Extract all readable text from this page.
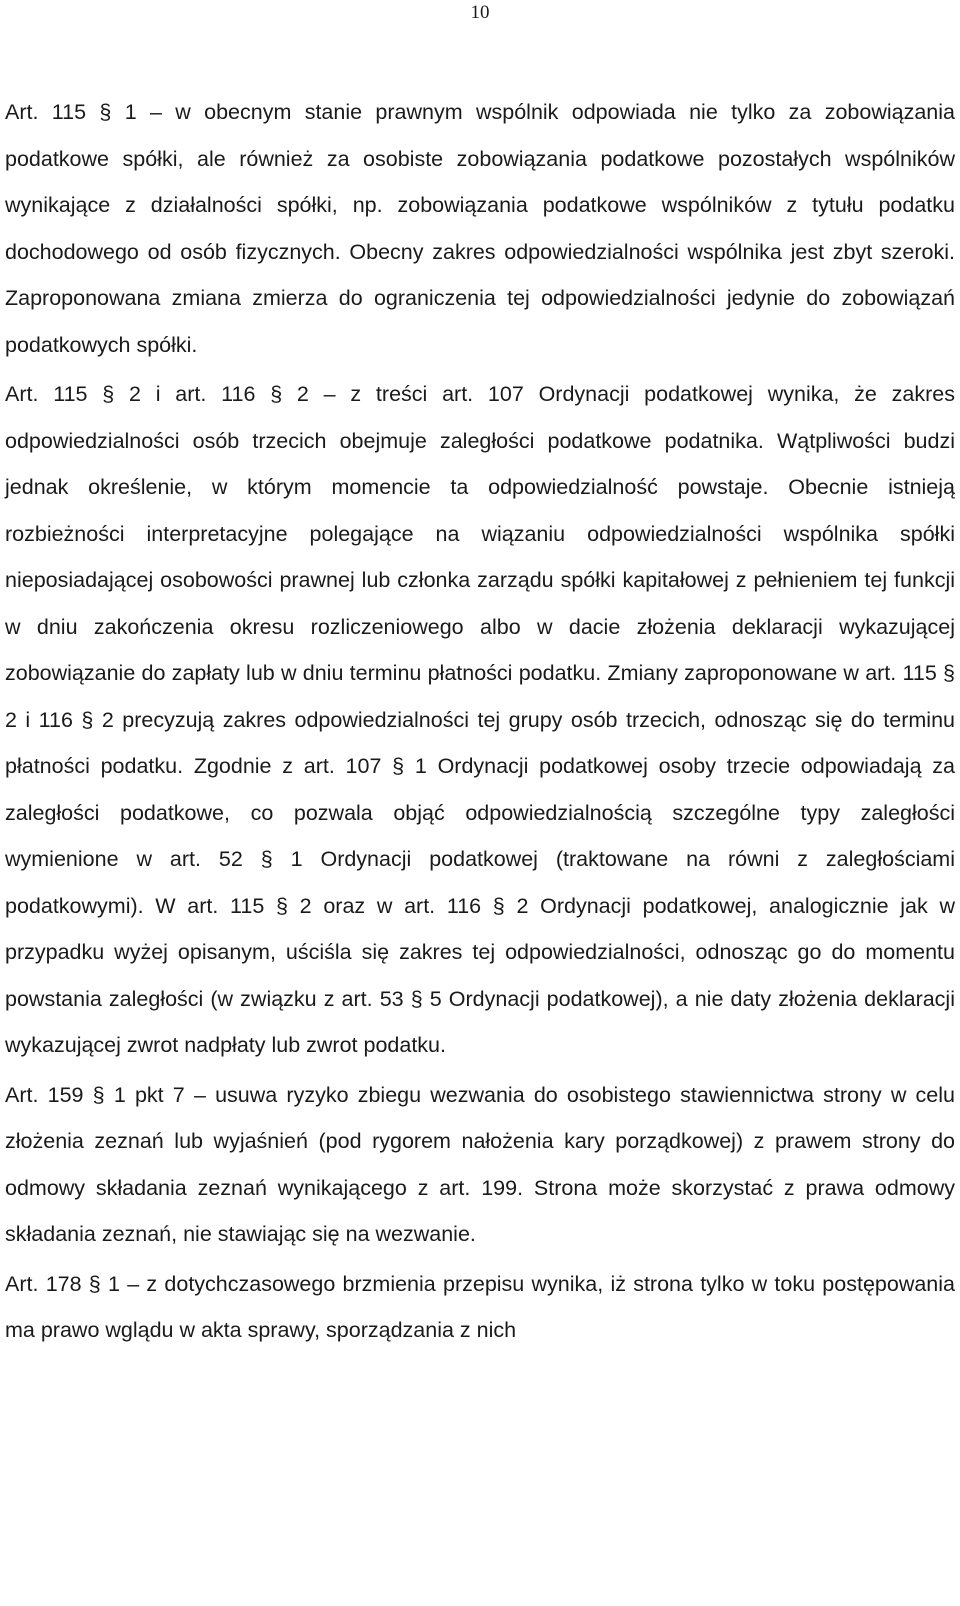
10

Art. 115 § 1 – w obecnym stanie prawnym wspólnik odpowiada nie tylko za zobowiązania podatkowe spółki, ale również za osobiste zobowiązania podatkowe pozostałych wspólników wynikające z działalności spółki, np. zobowiązania podatkowe wspólników z tytułu podatku dochodowego od osób fizycznych. Obecny zakres odpowiedzialności wspólnika jest zbyt szeroki. Zaproponowana zmiana zmierza do ograniczenia tej odpowiedzialności jedynie do zobowiązań podatkowych spółki.

Art. 115 § 2 i art. 116 § 2 – z treści art. 107 Ordynacji podatkowej wynika, że zakres odpowiedzialności osób trzecich obejmuje zaległości podatkowe podatnika. Wątpliwości budzi jednak określenie, w którym momencie ta odpowiedzialność powstaje. Obecnie istnieją rozbieżności interpretacyjne polegające na wiązaniu odpowiedzialności wspólnika spółki nieposiadającej osobowości prawnej lub członka zarządu spółki kapitałowej z pełnieniem tej funkcji w dniu zakończenia okresu rozliczeniowego albo w dacie złożenia deklaracji wykazującej zobowiązanie do zapłaty lub w dniu terminu płatności podatku. Zmiany zaproponowane w art. 115 § 2 i 116 § 2 precyzują zakres odpowiedzialności tej grupy osób trzecich, odnosząc się do terminu płatności podatku. Zgodnie z art. 107 § 1 Ordynacji podatkowej osoby trzecie odpowiadają za zaległości podatkowe, co pozwala objąć odpowiedzialnością szczególne typy zaległości wymienione w art. 52 § 1 Ordynacji podatkowej (traktowane na równi z zaległościami podatkowymi). W art. 115 § 2 oraz w art. 116 § 2 Ordynacji podatkowej, analogicznie jak w przypadku wyżej opisanym, uściśla się zakres tej odpowiedzialności, odnosząc go do momentu powstania zaległości (w związku z art. 53 § 5 Ordynacji podatkowej), a nie daty złożenia deklaracji wykazującej zwrot nadpłaty lub zwrot podatku.

Art. 159 § 1 pkt 7 – usuwa ryzyko zbiegu wezwania do osobistego stawiennictwa strony w celu złożenia zeznań lub wyjaśnień (pod rygorem nałożenia kary porządkowej) z prawem strony do odmowy składania zeznań wynikającego z art. 199. Strona może skorzystać z prawa odmowy składania zeznań, nie stawiając się na wezwanie.

Art. 178 § 1 – z dotychczasowego brzmienia przepisu wynika, iż strona tylko w toku postępowania ma prawo wglądu w akta sprawy, sporządzania z nich
